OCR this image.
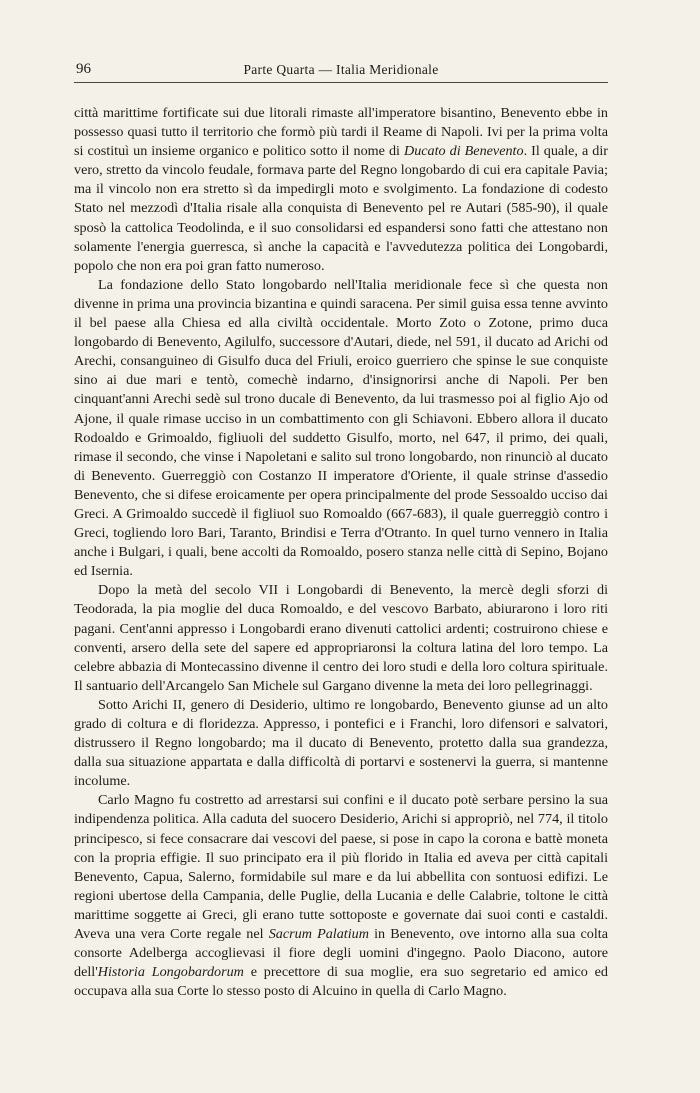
96	Parte Quarta — Italia Meridionale

città marittime fortificate sui due litorali rimaste all'imperatore bisantino, Benevento ebbe in possesso quasi tutto il territorio che formò più tardi il Reame di Napoli. Ivi per la prima volta si costituì un insieme organico e politico sotto il nome di Ducato di Benevento. Il quale, a dir vero, stretto da vincolo feudale, formava parte del Regno longobardo di cui era capitale Pavia; ma il vincolo non era stretto sì da impedirgli moto e svolgimento. La fondazione di codesto Stato nel mezzodì d'Italia risale alla conquista di Benevento pel re Autari (585-90), il quale sposò la cattolica Teodolinda, e il suo consolidarsi ed espandersi sono fatti che attestano non solamente l'energia guerresca, sì anche la capacità e l'avvedutezza politica dei Longobardi, popolo che non era poi gran fatto numeroso.

La fondazione dello Stato longobardo nell'Italia meridionale fece sì che questa non divenne in prima una provincia bizantina e quindi saracena. Per simil guisa essa tenne avvinto il bel paese alla Chiesa ed alla civiltà occidentale. Morto Zoto o Zotone, primo duca longobardo di Benevento, Agilulfo, successore d'Autari, diede, nel 591, il ducato ad Arichi od Arechi, consanguineo di Gisulfo duca del Friuli, eroico guerriero che spinse le sue conquiste sino ai due mari e tentò, comechè indarno, d'insignorirsi anche di Napoli. Per ben cinquant'anni Arechi sedè sul trono ducale di Benevento, da lui trasmesso poi al figlio Ajo od Ajone, il quale rimase ucciso in un combattimento con gli Schiavoni. Ebbero allora il ducato Rodoaldo e Grimoaldo, figliuoli del suddetto Gisulfo, morto, nel 647, il primo, dei quali, rimase il secondo, che vinse i Napoletani e salito sul trono longobardo, non rinunciò al ducato di Benevento. Guerreggiò con Costanzo II imperatore d'Oriente, il quale strinse d'assedio Benevento, che si difese eroicamente per opera principalmente del prode Sessoaldo ucciso dai Greci. A Grimoaldo succedè il figliuol suo Romoaldo (667-683), il quale guerreggiò contro i Greci, togliendo loro Bari, Taranto, Brindisi e Terra d'Otranto. In quel turno vennero in Italia anche i Bulgari, i quali, bene accolti da Romoaldo, posero stanza nelle città di Sepino, Bojano ed Isernia.

Dopo la metà del secolo VII i Longobardi di Benevento, la mercè degli sforzi di Teodorada, la pia moglie del duca Romoaldo, e del vescovo Barbato, abiurarono i loro riti pagani. Cent'anni appresso i Longobardi erano divenuti cattolici ardenti; costruirono chiese e conventi, arsero della sete del sapere ed appropriaronsi la coltura latina del loro tempo. La celebre abbazia di Montecassino divenne il centro dei loro studi e della loro coltura spirituale. Il santuario dell'Arcangelo San Michele sul Gargano divenne la meta dei loro pellegrinaggi.

Sotto Arichi II, genero di Desiderio, ultimo re longobardo, Benevento giunse ad un alto grado di coltura e di floridezza. Appresso, i pontefici e i Franchi, loro difensori e salvatori, distrussero il Regno longobardo; ma il ducato di Benevento, protetto dalla sua grandezza, dalla sua situazione appartata e dalla difficoltà di portarvi e sostenervi la guerra, si mantenne incolume.

Carlo Magno fu costretto ad arrestarsi sui confini e il ducato potè serbare persino la sua indipendenza politica. Alla caduta del suocero Desiderio, Arichi si appropriò, nel 774, il titolo principesco, si fece consacrare dai vescovi del paese, si pose in capo la corona e battè moneta con la propria effigie. Il suo principato era il più florido in Italia ed aveva per città capitali Benevento, Capua, Salerno, formidabile sul mare e da lui abbellita con sontuosi edifizi. Le regioni ubertose della Campania, delle Puglie, della Lucania e delle Calabrie, toltone le città marittime soggette ai Greci, gli erano tutte sottoposte e governate dai suoi conti e castaldi. Aveva una vera Corte regale nel Sacrum Palatium in Benevento, ove intorno alla sua colta consorte Adelberga accoglievasi il fiore degli uomini d'ingegno. Paolo Diacono, autore dell'Historia Longobardorum e precettore di sua moglie, era suo segretario ed amico ed occupava alla sua Corte lo stesso posto di Alcuino in quella di Carlo Magno.
